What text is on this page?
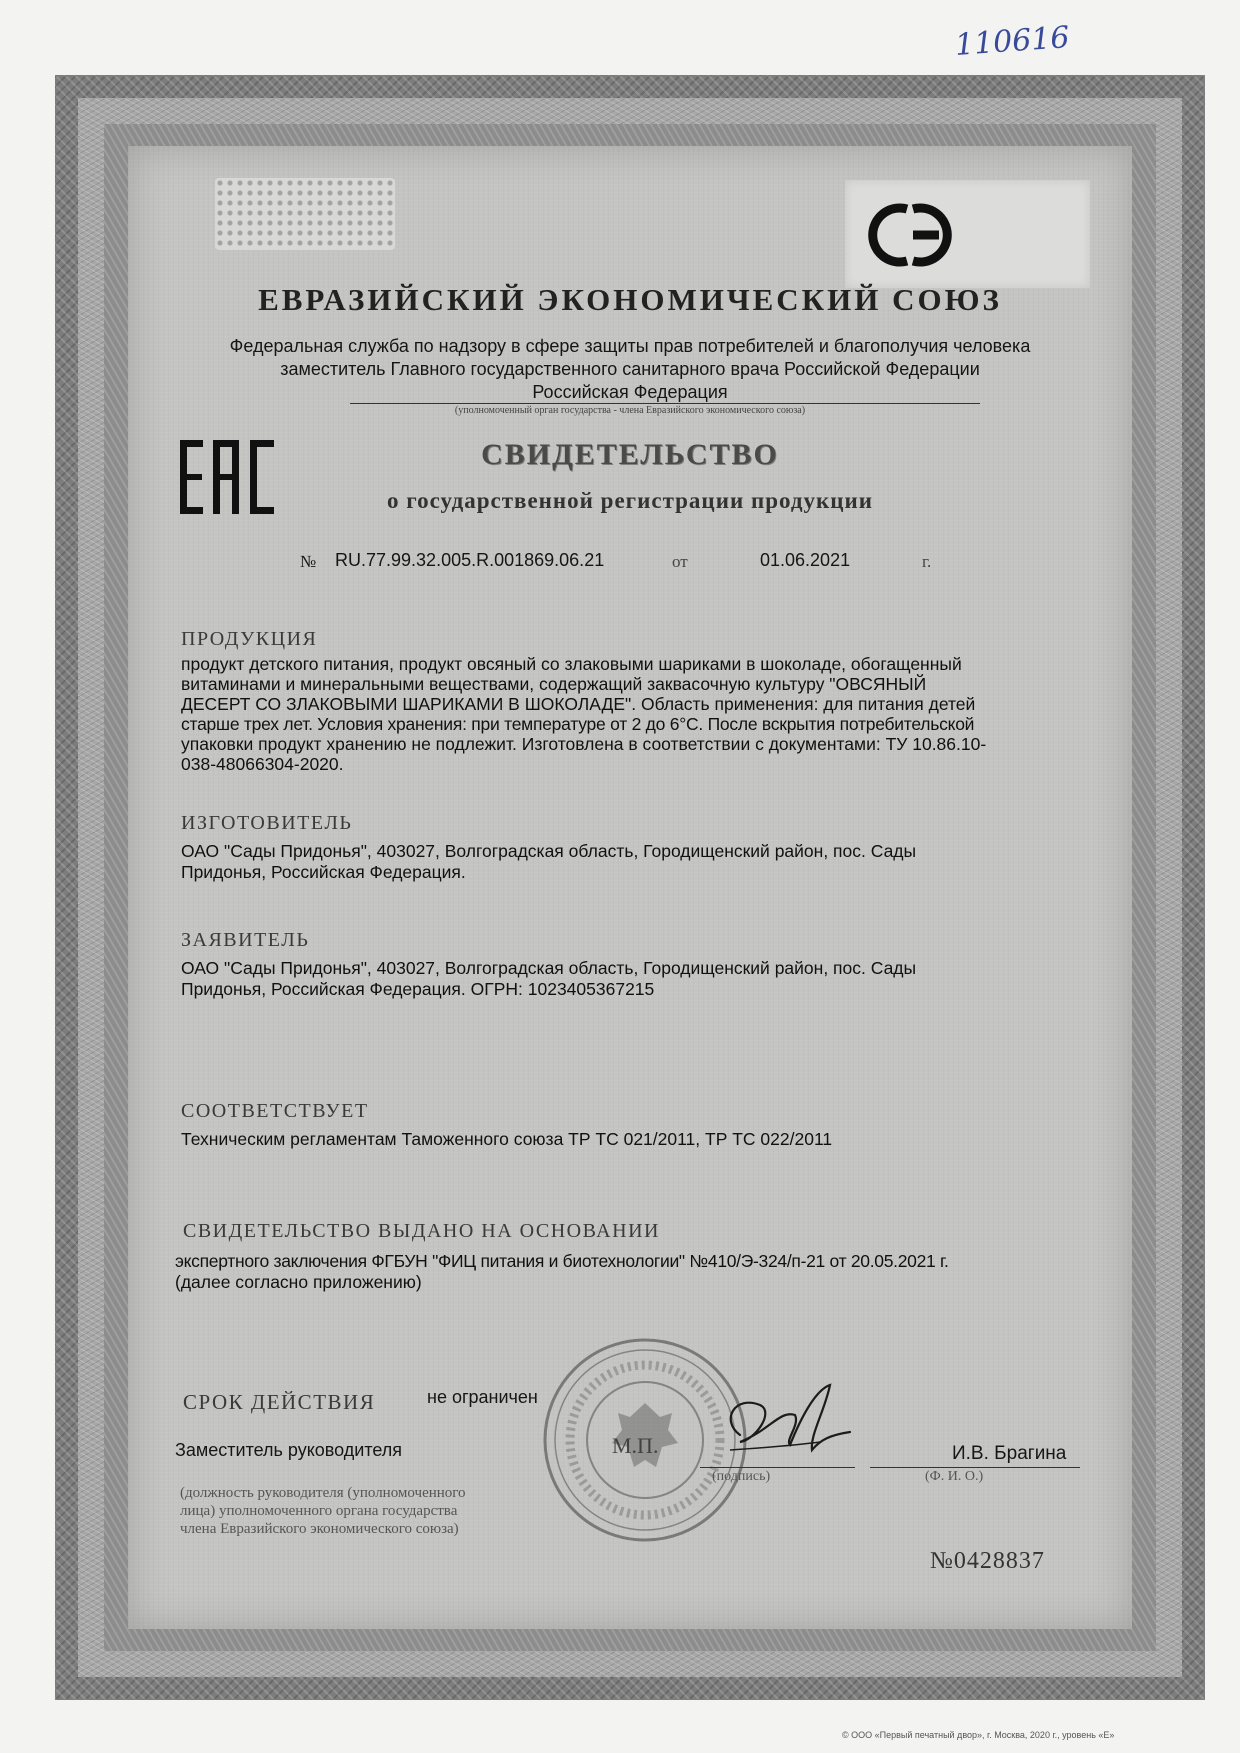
110616
ЕВРАЗИЙСКИЙ ЭКОНОМИЧЕСКИЙ СОЮЗ
Федеральная служба по надзору в сфере защиты прав потребителей и благополучия человека
заместитель Главного государственного санитарного врача Российской Федерации
Российская Федерация
(уполномоченный орган государства - члена Евразийского экономического союза)
СВИДЕТЕЛЬСТВО
о государственной регистрации продукции
№ RU.77.99.32.005.R.001869.06.21	от	01.06.2021	г.
ПРОДУКЦИЯ
продукт детского питания, продукт овсяный со злаковыми шариками в шоколаде, обогащенный
витаминами и минеральными веществами, содержащий заквасочную культуру "ОВСЯНЫЙ
ДЕСЕРТ СО ЗЛАКОВЫМИ ШАРИКАМИ В ШОКОЛАДЕ". Область применения: для питания детей
старше трех лет. Условия хранения: при температуре от 2 до 6°С. После вскрытия потребительской
упаковки продукт хранению не подлежит. Изготовлена в соответствии с документами: ТУ 10.86.10-
038-48066304-2020.
ИЗГОТОВИТЕЛЬ
ОАО "Сады Придонья", 403027, Волгоградская область, Городищенский район, пос. Сады
Придонья, Российская Федерация.
ЗАЯВИТЕЛЬ
ОАО "Сады Придонья", 403027, Волгоградская область, Городищенский район, пос. Сады
Придонья, Российская Федерация. ОГРН: 1023405367215
СООТВЕТСТВУЕТ
Техническим регламентам Таможенного союза ТР ТС 021/2011, ТР ТС 022/2011
СВИДЕТЕЛЬСТВО ВЫДАНО НА ОСНОВАНИИ
экспертного заключения ФГБУН "ФИЦ питания и биотехнологии" №410/Э-324/п-21 от 20.05.2021 г.
(далее согласно приложению)
М.П.
СРОК ДЕЙСТВИЯ	не ограничен
Заместитель руководителя	И.В. Брагина
(подпись)	(Ф. И. О.)
(должность руководителя (уполномоченного
лица) уполномоченного органа государства
члена Евразийского экономического союза)
№0428837
© ООО «Первый печатный двор», г. Москва, 2020 г., уровень «Е»
